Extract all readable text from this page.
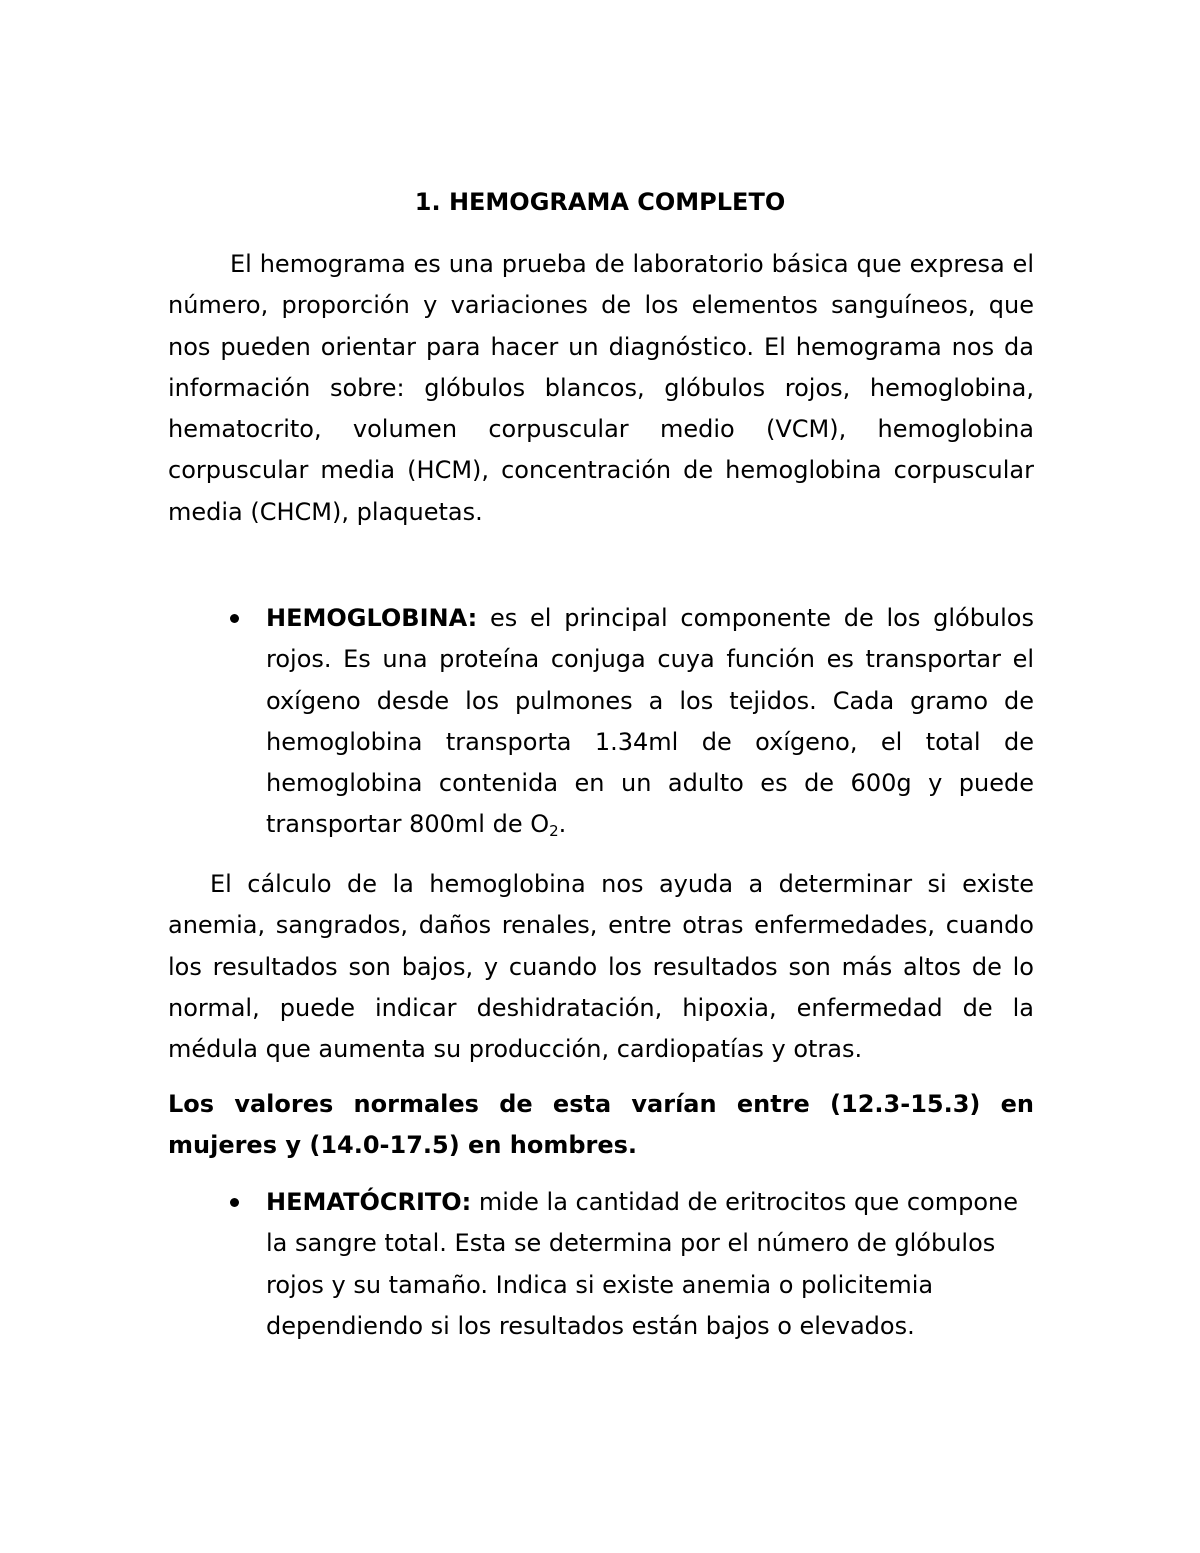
1. HEMOGRAMA COMPLETO

El hemograma es una prueba de laboratorio básica que expresa el número, proporción y variaciones de los elementos sanguíneos, que nos pueden orientar para hacer un diagnóstico. El hemograma nos da información sobre: glóbulos blancos, glóbulos rojos, hemoglobina, hematocrito, volumen corpuscular medio (VCM), hemoglobina corpuscular media (HCM), concentración de hemoglobina corpuscular media (CHCM), plaquetas.

HEMOGLOBINA: es el principal componente de los glóbulos rojos. Es una proteína conjuga cuya función es transportar el oxígeno desde los pulmones a los tejidos. Cada gramo de hemoglobina transporta 1.34ml de oxígeno, el total de hemoglobina contenida en un adulto es de 600g y puede transportar 800ml de $O_2$.

El cálculo de la hemoglobina nos ayuda a determinar si existe anemia, sangrados, daños renales, entre otras enfermedades, cuando los resultados son bajos, y cuando los resultados son más altos de lo normal, puede indicar deshidratación, hipoxia, enfermedad de la médula que aumenta su producción, cardiopatías y otras.

Los valores normales de esta varían entre (12.3-15.3) en mujeres y (14.0-17.5) en hombres.

HEMATÓCRITO: mide la cantidad de eritrocitos que compone la sangre total. Esta se determina por el número de glóbulos rojos y su tamaño. Indica si existe anemia o policitemia dependiendo si los resultados están bajos o elevados.
